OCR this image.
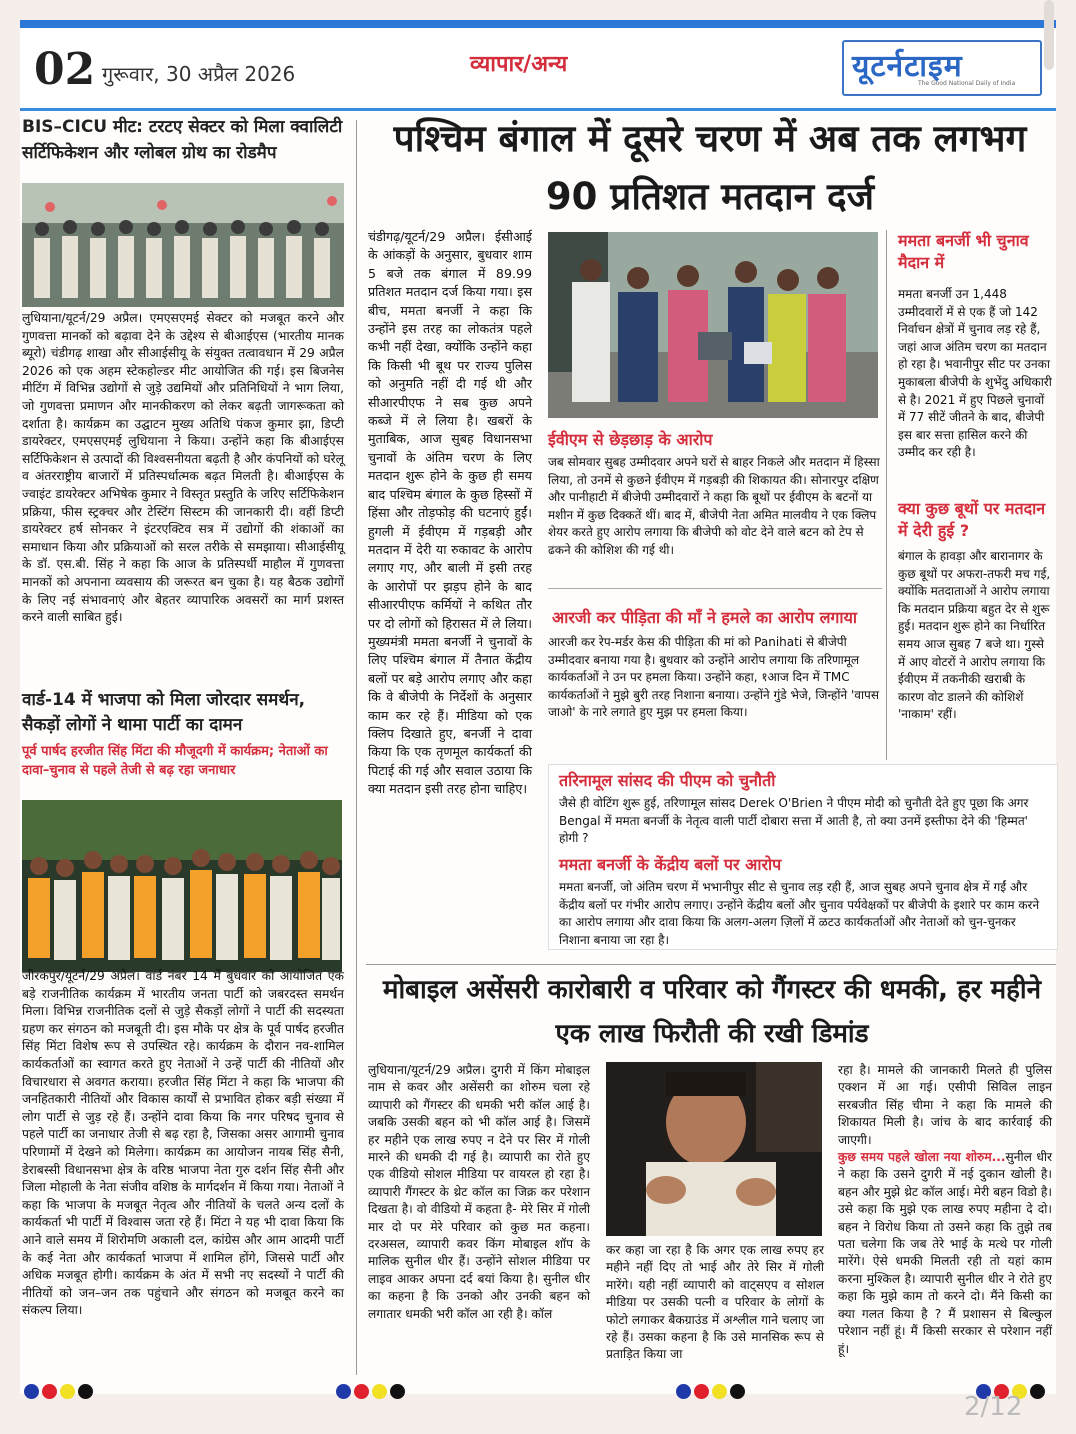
02 गुरूवार, 30 अप्रैल 2026	व्यापार/अन्य	यूटर्नटाइम
The Good National Daily of India
BIS–CICU मीट: टरटए सेक्टर को मिला क्वालिटी सर्टिफिकेशन और ग्लोबल ग्रोथ का रोडमैप
लुधियाना/यूटर्न/29 अप्रैल। एमएसएमई सेक्टर को मजबूत करने और गुणवत्ता मानकों को बढ़ावा देने के उद्देश्य से बीआईएस (भारतीय मानक ब्यूरो) चंडीगढ़ शाखा और सीआईसीयू के संयुक्त तत्वावधान में 29 अप्रैल 2026 को एक अहम स्टेकहोल्डर मीट आयोजित की गई। इस बिजनेस मीटिंग में विभिन्न उद्योगों से जुड़े उद्यमियों और प्रतिनिधियों ने भाग लिया, जो गुणवत्ता प्रमाणन और मानकीकरण को लेकर बढ़ती जागरूकता को दर्शाता है। कार्यक्रम का उद्घाटन मुख्य अतिथि पंकज कुमार झा, डिप्टी डायरेक्टर, एमएसएमई लुधियाना ने किया। उन्होंने कहा कि बीआईएस सर्टिफिकेशन से उत्पादों की विश्वसनीयता बढ़ती है और कंपनियों को घरेलू व अंतरराष्ट्रीय बाजारों में प्रतिस्पर्धात्मक बढ़त मिलती है। बीआईएस के ज्वाइंट डायरेक्टर अभिषेक कुमार ने विस्तृत प्रस्तुति के जरिए सर्टिफिकेशन प्रक्रिया, फीस स्ट्रक्चर और टेस्टिंग सिस्टम की जानकारी दी। वहीं डिप्टी डायरेक्टर हर्ष सोनकर ने इंटरएक्टिव सत्र में उद्योगों की शंकाओं का समाधान किया और प्रक्रियाओं को सरल तरीके से समझाया। सीआईसीयू के डॉ. एस.बी. सिंह ने कहा कि आज के प्रतिस्पर्धी माहौल में गुणवत्ता मानकों को अपनाना व्यवसाय की जरूरत बन चुका है। यह बैठक उद्योगों के लिए नई संभावनाएं और बेहतर व्यापारिक अवसरों का मार्ग प्रशस्त करने वाली साबित हुई।
वार्ड-14 में भाजपा को मिला जोरदार समर्थन, सैकड़ों लोगों ने थामा पार्टी का दामन
पूर्व पार्षद हरजीत सिंह मिंटा की मौजूदगी में कार्यक्रम; नेताओं का दावा–चुनाव से पहले तेजी से बढ़ रहा जनाधार
जीरकपुर/यूटर्न/29 अप्रैल। वार्ड नंबर 14 में बुधवार को आयोजित एक बड़े राजनीतिक कार्यक्रम में भारतीय जनता पार्टी को जबरदस्त समर्थन मिला। विभिन्न राजनीतिक दलों से जुड़े सैकड़ों लोगों ने पार्टी की सदस्यता ग्रहण कर संगठन को मजबूती दी। इस मौके पर क्षेत्र के पूर्व पार्षद हरजीत सिंह मिंटा विशेष रूप से उपस्थित रहे। कार्यक्रम के दौरान नव-शामिल कार्यकर्ताओं का स्वागत करते हुए नेताओं ने उन्हें पार्टी की नीतियों और विचारधारा से अवगत कराया। हरजीत सिंह मिंटा ने कहा कि भाजपा की जनहितकारी नीतियों और विकास कार्यों से प्रभावित होकर बड़ी संख्या में लोग पार्टी से जुड़ रहे हैं। उन्होंने दावा किया कि नगर परिषद चुनाव से पहले पार्टी का जनाधार तेजी से बढ़ रहा है, जिसका असर आगामी चुनाव परिणामों में देखने को मिलेगा। कार्यक्रम का आयोजन नायब सिंह सैनी, डेराबस्सी विधानसभा क्षेत्र के वरिष्ठ भाजपा नेता गुरु दर्शन सिंह सैनी और जिला मोहाली के नेता संजीव वशिष्ठ के मार्गदर्शन में किया गया। नेताओं ने कहा कि भाजपा के मजबूत नेतृत्व और नीतियों के चलते अन्य दलों के कार्यकर्ता भी पार्टी में विश्वास जता रहे हैं। मिंटा ने यह भी दावा किया कि आने वाले समय में शिरोमणि अकाली दल, कांग्रेस और आम आदमी पार्टी के कई नेता और कार्यकर्ता भाजपा में शामिल होंगे, जिससे पार्टी और अधिक मजबूत होगी। कार्यक्रम के अंत में सभी नए सदस्यों ने पार्टी की नीतियों को जन–जन तक पहुंचाने और संगठन को मजबूत करने का संकल्प लिया।
पश्चिम बंगाल में दूसरे चरण में अब तक लगभग 90 प्रतिशत मतदान दर्ज
चंडीगढ़/यूटर्न/29 अप्रैल। ईसीआई के आंकड़ों के अनुसार, बुधवार शाम 5 बजे तक बंगाल में 89.99 प्रतिशत मतदान दर्ज किया गया। इस बीच, ममता बनर्जी ने कहा कि उन्होंने इस तरह का लोकतंत्र पहले कभी नहीं देखा, क्योंकि उन्होंने कहा कि किसी भी बूथ पर राज्य पुलिस को अनुमति नहीं दी गई थी और सीआरपीएफ ने सब कुछ अपने कब्जे में ले लिया है। खबरों के मुताबिक, आज सुबह विधानसभा चुनावों के अंतिम चरण के लिए मतदान शुरू होने के कुछ ही समय बाद पश्चिम बंगाल के कुछ हिस्सों में हिंसा और तोड़फोड़ की घटनाएं हुईं। हुगली में ईवीएम में गड़बड़ी और मतदान में देरी या रुकावट के आरोप लगाए गए, और बाली में इसी तरह के आरोपों पर झड़प होने के बाद सीआरपीएफ कर्मियों ने कथित तौर पर दो लोगों को हिरासत में ले लिया। मुख्यमंत्री ममता बनर्जी ने चुनावों के लिए पश्चिम बंगाल में तैनात केंद्रीय बलों पर बड़े आरोप लगाए और कहा कि वे बीजेपी के निर्देशों के अनुसार काम कर रहे हैं। मीडिया को एक क्लिप दिखाते हुए, बनर्जी ने दावा किया कि एक तृणमूल कार्यकर्ता की पिटाई की गई और सवाल उठाया कि क्या मतदान इसी तरह होना चाहिए।
ईवीएम से छेड़छाड़ के आरोप
जब सोमवार सुबह उम्मीदवार अपने घरों से बाहर निकले और मतदान में हिस्सा लिया, तो उनमें से कुछने ईवीएम में गड़बड़ी की शिकायत की। सोनारपुर दक्षिण और पानीहाटी में बीजेपी उम्मीदवारों ने कहा कि बूथों पर ईवीएम के बटनों या मशीन में कुछ दिक्कतें थीं। बाद में, बीजेपी नेता अमित मालवीय ने एक क्लिप शेयर करते हुए आरोप लगाया कि बीजेपी को वोट देने वाले बटन को टेप से ढकने की कोशिश की गई थी।
आरजी कर पीड़िता की माँ ने हमले का आरोप लगाया
आरजी कर रेप-मर्डर केस की पीड़िता की मां को Panihati से बीजेपी उम्मीदवार बनाया गया है। बुधवार को उन्होंने आरोप लगाया कि तरिणामूल कार्यकर्ताओं ने उन पर हमला किया। उन्होंने कहा, १आज दिन में TMC कार्यकर्ताओं ने मुझे बुरी तरह निशाना बनाया। उन्होंने गुंडे भेजे, जिन्होंने 'वापस जाओ' के नारे लगाते हुए मुझ पर हमला किया।
ममता बनर्जी भी चुनाव मैदान में
ममता बनर्जी उन 1,448 उम्मीदवारों में से एक हैं जो 142 निर्वाचन क्षेत्रों में चुनाव लड़ रहे हैं, जहां आज अंतिम चरण का मतदान हो रहा है। भवानीपुर सीट पर उनका मुकाबला बीजेपी के शुभेंदु अधिकारी से है। 2021 में हुए पिछले चुनावों में 77 सीटें जीतने के बाद, बीजेपी इस बार सत्ता हासिल करने की उम्मीद कर रही है।
क्या कुछ बूथों पर मतदान में देरी हुई ?
बंगाल के हावड़ा और बारानागर के कुछ बूथों पर अफरा-तफरी मच गई, क्योंकि मतदाताओं ने आरोप लगाया कि मतदान प्रक्रिया बहुत देर से शुरू हुई। मतदान शुरू होने का निर्धारित समय आज सुबह 7 बजे था। गुस्से में आए वोटरों ने आरोप लगाया कि ईवीएम में तकनीकी खराबी के कारण वोट डालने की कोशिशें 'नाकाम' रहीं।
तरिनामूल सांसद की पीएम को चुनौती
जैसे ही वोटिंग शुरू हुई, तरिणामूल सांसद Derek O'Brien ने पीएम मोदी को चुनौती देते हुए पूछा कि अगर Bengal में ममता बनर्जी के नेतृत्व वाली पार्टी दोबारा सत्ता में आती है, तो क्या उनमें इस्तीफा देने की 'हिम्मत' होगी ?
ममता बनर्जी के केंद्रीय बलों पर आरोप
ममता बनर्जी, जो अंतिम चरण में भभानीपुर सीट से चुनाव लड़ रही हैं, आज सुबह अपने चुनाव क्षेत्र में गईं और केंद्रीय बलों पर गंभीर आरोप लगाए। उन्होंने केंद्रीय बलों और चुनाव पर्यवेक्षकों पर बीजेपी के इशारे पर काम करने का आरोप लगाया और दावा किया कि अलग-अलग ज़िलों में ळटउ कार्यकर्ताओं और नेताओं को चुन-चुनकर निशाना बनाया जा रहा है।
मोबाइल असेंसरी कारोबारी व परिवार को गैंगस्टर की धमकी, हर महीने एक लाख फिरौती की रखी डिमांड
लुधियाना/यूटर्न/29 अप्रैल। दुगरी में किंग मोबाइल नाम से कवर और असेंसरी का शोरुम चला रहे व्यापारी को गैंगस्टर की धमकी भरी कॉल आई है। जबकि उसकी बहन को भी कॉल आई है। जिसमें हर महीने एक लाख रुपए न देने पर सिर में गोली मारने की धमकी दी गई है। व्यापारी का रोते हुए एक वीडियो सोशल मीडिया पर वायरल हो रहा है। व्यापारी गैंगस्टर के थ्रेट कॉल का जिक्र कर परेशान दिखता है। वो वीडियो में कहता है- मेरे सिर में गोली मार दो पर मेरे परिवार को कुछ मत कहना। दरअसल, व्यापारी कवर किंग मोबाइल शॉप के मालिक सुनील धीर हैं। उन्होंने सोशल मीडिया पर लाइव आकर अपना दर्द बयां किया है। सुनील धीर का कहना है कि उनको और उनकी बहन को लगातार धमकी भरी कॉल आ रही है। कॉल
कर कहा जा रहा है कि अगर एक लाख रुपए हर महीने नहीं दिए तो भाई और तेरे सिर में गोली मारेंगे। यही नहीं व्यापारी को वाट्सएप व सोशल मीडिया पर उसकी पत्नी व परिवार के लोगों के फोटो लगाकर बैकग्राउंड में अश्लील गाने चलाए जा रहे हैं। उसका कहना है कि उसे मानसिक रूप से प्रताड़ित किया जा
रहा है। मामले की जानकारी मिलते ही पुलिस एक्शन में आ गई। एसीपी सिविल लाइन सरबजीत सिंह चीमा ने कहा कि मामले की शिकायत मिली है। जांच के बाद कार्रवाई की जाएगी।
कुछ समय पहले खोला नया शोरुम...सुनील धीर ने कहा कि उसने दुगरी में नई दुकान खोली है। बहन और मुझे थ्रेट कॉल आई। मेरी बहन विडो है। उसे कहा कि मुझे एक लाख रुपए महीना दे दो। बहन ने विरोध किया तो उसने कहा कि तुझे तब पता चलेगा कि जब तेरे भाई के मत्थे पर गोली मारेंगे। ऐसे धमकी मिलती रही तो यहां काम करना मुश्किल है। व्यापारी सुनील धीर ने रोते हुए कहा कि मुझे काम तो करने दो। मैंने किसी का क्या गलत किया है ? मैं प्रशासन से बिल्कुल परेशान नहीं हूं। मैं किसी सरकार से परेशान नहीं हूं।
2/12
